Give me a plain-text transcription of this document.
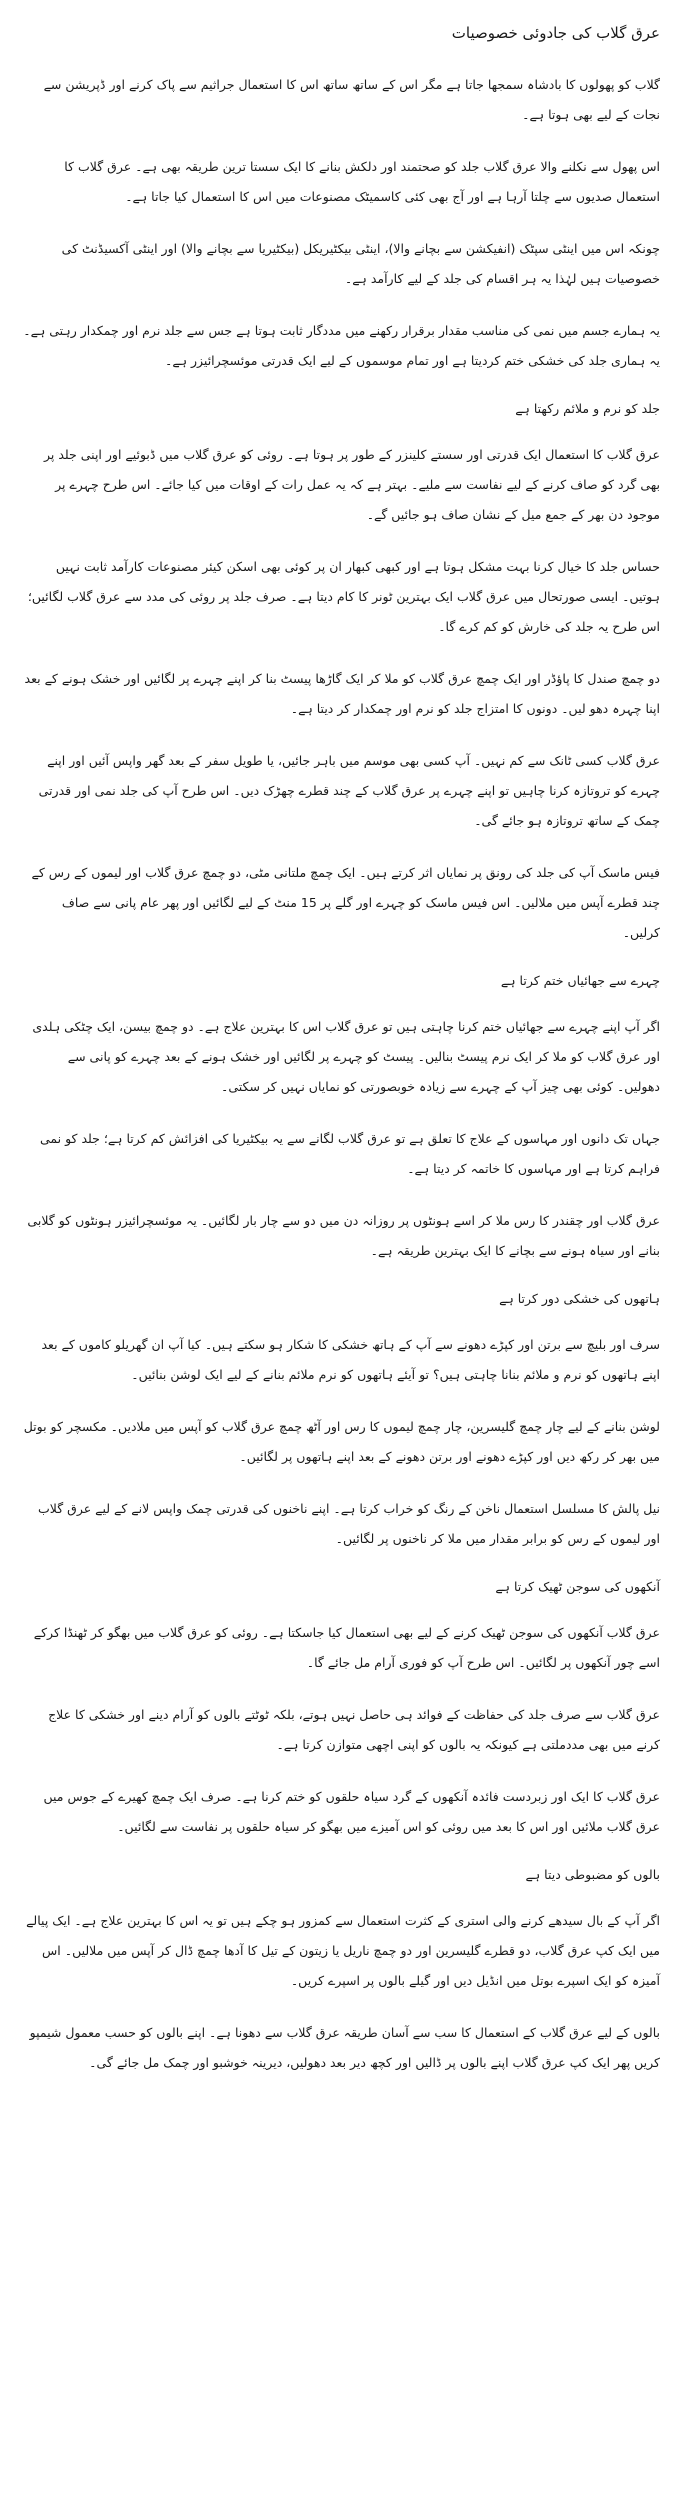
عرق گلاب کی جادوئی خصوصیات

گلاب کو پھولوں کا بادشاہ سمجھا جاتا ہے مگر اس کے ساتھ ساتھ اس کا استعمال جراثیم سے پاک کرنے اور ڈپریشن سے نجات کے لیے بھی ہوتا ہے۔

اس پھول سے نکلنے والا عرق گلاب جلد کو صحتمند اور دلکش بنانے کا ایک سستا ترین طریقہ بھی ہے۔ عرق گلاب کا استعمال صدیوں سے چلتا آرہا ہے اور آج بھی کئی کاسمیٹک مصنوعات میں اس کا استعمال کیا جاتا ہے۔

چونکہ اس میں اینٹی سپٹک (انفیکشن سے بچانے والا)، اینٹی بیکٹیریکل (بیکٹیریا سے بچانے والا) اور اینٹی آکسیڈنٹ کی خصوصیات ہیں لہٰذا یہ ہر اقسام کی جلد کے لیے کارآمد ہے۔

یہ ہمارے جسم میں نمی کی مناسب مقدار برقرار رکھنے میں مددگار ثابت ہوتا ہے جس سے جلد نرم اور چمکدار رہتی ہے۔ یہ ہماری جلد کی خشکی ختم کردیتا ہے اور تمام موسموں کے لیے ایک قدرتی موئسچرائیزر ہے۔

جلد کو نرم و ملائم رکھتا ہے

عرق گلاب کا استعمال ایک قدرتی اور سستے کلینزر کے طور پر ہوتا ہے۔ روئی کو عرق گلاب میں ڈبوئیے اور اپنی جلد پر بھی گرد کو صاف کرنے کے لیے نفاست سے ملیے۔ بہتر ہے کہ یہ عمل رات کے اوقات میں کیا جائے۔ اس طرح چہرے پر موجود دن بھر کے جمع میل کے نشان صاف ہو جائیں گے۔

حساس جلد کا خیال کرنا بہت مشکل ہوتا ہے اور کبھی کبھار ان پر کوئی بھی اسکن کیئر مصنوعات کارآمد ثابت نہیں ہوتیں۔ ایسی صورتحال میں عرق گلاب ایک بہترین ٹونر کا کام دیتا ہے۔ صرف جلد پر روئی کی مدد سے عرق گلاب لگائیں؛ اس طرح یہ جلد کی خارش کو کم کرے گا۔

دو چمچ صندل کا پاؤڈر اور ایک چمچ عرق گلاب کو ملا کر ایک گاڑھا پیسٹ بنا کر اپنے چہرے پر لگائیں اور خشک ہونے کے بعد اپنا چہرہ دھو لیں۔ دونوں کا امتزاج جلد کو نرم اور چمکدار کر دیتا ہے۔

عرق گلاب کسی ٹانک سے کم نہیں۔ آپ کسی بھی موسم میں باہر جائیں، یا طویل سفر کے بعد گھر واپس آئیں اور اپنے چہرے کو تروتازہ کرنا چاہیں تو اپنے چہرے پر عرق گلاب کے چند قطرے چھڑک دیں۔ اس طرح آپ کی جلد نمی اور قدرتی چمک کے ساتھ تروتازہ ہو جائے گی۔

فیس ماسک آپ کی جلد کی رونق پر نمایاں اثر کرتے ہیں۔ ایک چمچ ملتانی مٹی، دو چمچ عرق گلاب اور لیموں کے رس کے چند قطرے آپس میں ملالیں۔ اس فیس ماسک کو چہرے اور گلے پر 15 منٹ کے لیے لگائیں اور پھر عام پانی سے صاف کرلیں۔

چہرے سے جھائیاں ختم کرتا ہے

اگر آپ اپنے چہرے سے جھائیاں ختم کرنا چاہتی ہیں تو عرق گلاب اس کا بہترین علاج ہے۔ دو چمچ بیسن، ایک چٹکی ہلدی اور عرق گلاب کو ملا کر ایک نرم پیسٹ بنالیں۔ پیسٹ کو چہرے پر لگائیں اور خشک ہونے کے بعد چہرے کو پانی سے دھولیں۔ کوئی بھی چیز آپ کے چہرے سے زیادہ خوبصورتی کو نمایاں نہیں کر سکتی۔

جہاں تک دانوں اور مہاسوں کے علاج کا تعلق ہے تو عرق گلاب لگانے سے یہ بیکٹیریا کی افزائش کم کرتا ہے؛ جلد کو نمی فراہم کرتا ہے اور مہاسوں کا خاتمہ کر دیتا ہے۔

عرق گلاب اور چقندر کا رس ملا کر اسے ہونٹوں پر روزانہ دن میں دو سے چار بار لگائیں۔ یہ موئسچرائیزر ہونٹوں کو گلابی بنانے اور سیاہ ہونے سے بچانے کا ایک بہترین طریقہ ہے۔

ہاتھوں کی خشکی دور کرتا ہے

سرف اور بلیچ سے برتن اور کپڑے دھونے سے آپ کے ہاتھ خشکی کا شکار ہو سکتے ہیں۔ کیا آپ ان گھریلو کاموں کے بعد اپنے ہاتھوں کو نرم و ملائم بنانا چاہتی ہیں؟ تو آیئے ہاتھوں کو نرم ملائم بنانے کے لیے ایک لوشن بنائیں۔

لوشن بنانے کے لیے چار چمچ گلیسرین، چار چمچ لیموں کا رس اور آٹھ چمچ عرق گلاب کو آپس میں ملادیں۔ مکسچر کو بوتل میں بھر کر رکھ دیں اور کپڑے دھونے اور برتن دھونے کے بعد اپنے ہاتھوں پر لگائیں۔

نیل پالش کا مسلسل استعمال ناخن کے رنگ کو خراب کرتا ہے۔ اپنے ناخنوں کی قدرتی چمک واپس لانے کے لیے عرق گلاب اور لیموں کے رس کو برابر مقدار میں ملا کر ناخنوں پر لگائیں۔

آنکھوں کی سوجن ٹھیک کرتا ہے

عرق گلاب آنکھوں کی سوجن ٹھیک کرنے کے لیے بھی استعمال کیا جاسکتا ہے۔ روئی کو عرق گلاب میں بھگو کر ٹھنڈا کرکے اسے چور آنکھوں پر لگائیں۔ اس طرح آپ کو فوری آرام مل جائے گا۔

عرق گلاب سے صرف جلد کی حفاظت کے فوائد ہی حاصل نہیں ہوتے، بلکہ ٹوٹتے بالوں کو آرام دینے اور خشکی کا علاج کرنے میں بھی مددملتی ہے کیونکہ یہ بالوں کو اپنی اچھی متوازن کرتا ہے۔

عرق گلاب کا ایک اور زبردست فائدہ آنکھوں کے گرد سیاہ حلقوں کو ختم کرنا ہے۔ صرف ایک چمچ کھیرے کے جوس میں عرق گلاب ملائیں اور اس کا بعد میں روئی کو اس آمیزے میں بھگو کر سیاہ حلقوں پر نفاست سے لگائیں۔

بالوں کو مضبوطی دیتا ہے

اگر آپ کے بال سیدھے کرنے والی استری کے کثرت استعمال سے کمزور ہو چکے ہیں تو یہ اس کا بہترین علاج ہے۔ ایک پیالے میں ایک کپ عرق گلاب، دو قطرے گلیسرین اور دو چمچ ناریل یا زیتون کے تیل کا آدھا چمچ ڈال کر آپس میں ملالیں۔ اس آمیزہ کو ایک اسپرے بوتل میں انڈیل دیں اور گیلے بالوں پر اسپرے کریں۔

بالوں کے لیے عرق گلاب کے استعمال کا سب سے آسان طریقہ عرق گلاب سے دھونا ہے۔ اپنے بالوں کو حسب معمول شیمپو کریں پھر ایک کپ عرق گلاب اپنے بالوں پر ڈالیں اور کچھ دیر بعد دھولیں، دیرینہ خوشبو اور چمک مل جائے گی۔
